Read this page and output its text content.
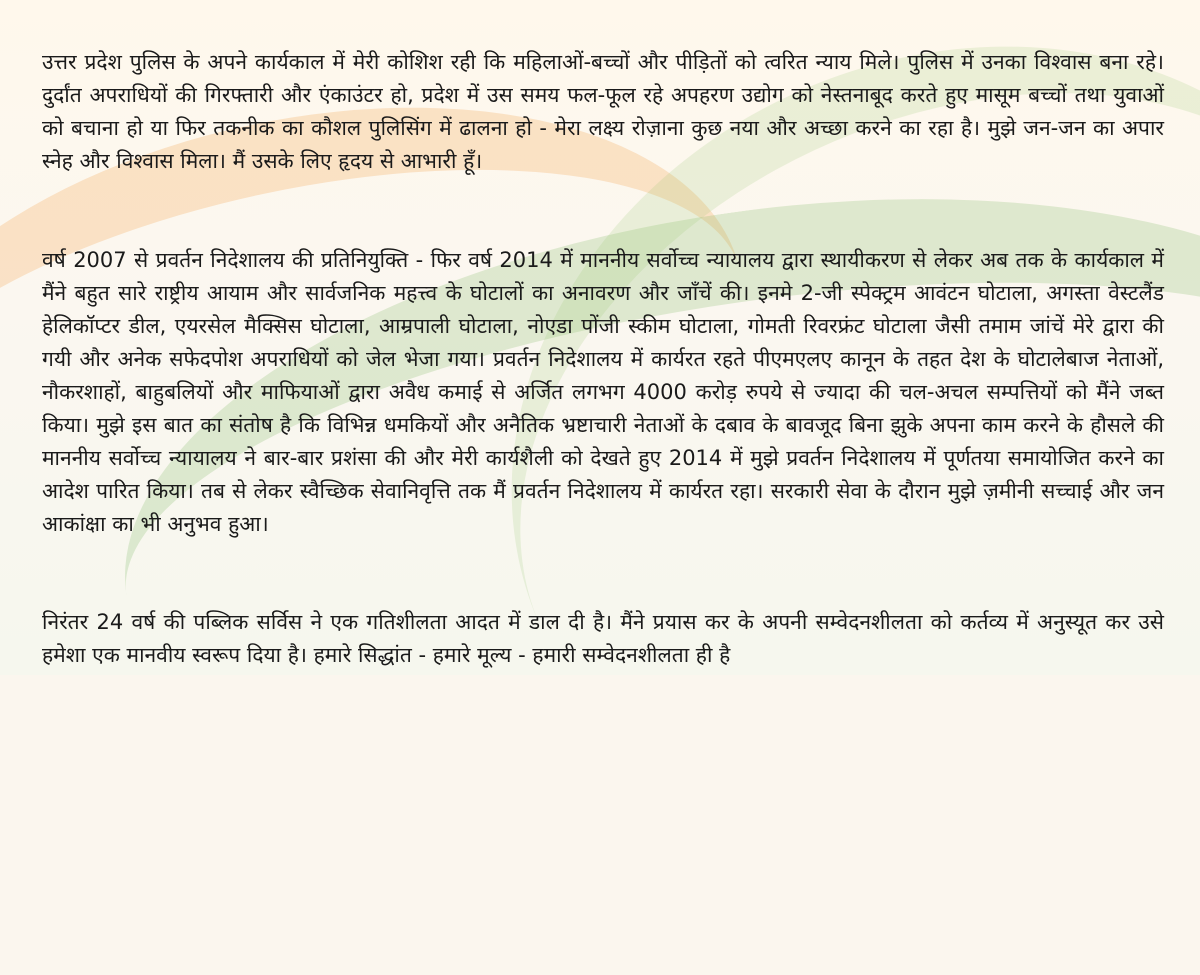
उत्तर प्रदेश पुलिस के अपने कार्यकाल में मेरी कोशिश रही कि महिलाओं-बच्चों और पीड़ितों को त्वरित न्याय मिले। पुलिस में उनका विश्वास बना रहे। दुर्दांत अपराधियों की गिरफ्तारी और एंकाउंटर हो, प्रदेश में उस समय फल-फूल रहे अपहरण उद्योग को नेस्तनाबूद करते हुए मासूम बच्चों तथा युवाओं को बचाना हो या फिर तकनीक का कौशल पुलिसिंग में ढालना हो - मेरा लक्ष्य रोज़ाना कुछ नया और अच्छा करने का रहा है। मुझे जन-जन का अपार स्नेह और विश्वास मिला। मैं उसके लिए हृदय से आभारी हूँ।

वर्ष 2007 से प्रवर्तन निदेशालय की प्रतिनियुक्ति - फिर वर्ष 2014 में माननीय सर्वोच्च न्यायालय द्वारा स्थायीकरण से लेकर अब तक के कार्यकाल में मैंने बहुत सारे राष्ट्रीय आयाम और सार्वजनिक महत्त्व के घोटालों का अनावरण और जाँचें की। इनमे 2-जी स्पेक्ट्रम आवंटन घोटाला, अगस्ता वेस्टलैंड हेलिकॉप्टर डील, एयरसेल मैक्सिस घोटाला, आम्रपाली घोटाला, नोएडा पोंजी स्कीम घोटाला, गोमती रिवरफ्रंट घोटाला जैसी तमाम जांचें मेरे द्वारा की गयी और अनेक सफेदपोश अपराधियों को जेल भेजा गया। प्रवर्तन निदेशालय में कार्यरत रहते पीएमएलए कानून के तहत देश के घोटालेबाज नेताओं, नौकरशाहों, बाहुबलियों और माफियाओं द्वारा अवैध कमाई से अर्जित लगभग 4000 करोड़ रुपये से ज्यादा की चल-अचल सम्पत्तियों को मैंने जब्त किया। मुझे इस बात का संतोष है कि विभिन्न धमकियों और अनैतिक भ्रष्टाचारी नेताओं के दबाव के बावजूद बिना झुके अपना काम करने के हौसले की माननीय सर्वोच्च न्यायालय ने बार-बार प्रशंसा की और मेरी कार्यशैली को देखते हुए 2014 में मुझे प्रवर्तन निदेशालय में पूर्णतया समायोजित करने का आदेश पारित किया। तब से लेकर स्वैच्छिक सेवानिवृत्ति तक मैं प्रवर्तन निदेशालय में कार्यरत रहा। सरकारी सेवा के दौरान मुझे ज़मीनी सच्चाई और जन आकांक्षा का भी अनुभव हुआ।

निरंतर 24 वर्ष की पब्लिक सर्विस ने एक गतिशीलता आदत में डाल दी है। मैंने प्रयास कर के अपनी सम्वेदनशीलता को कर्तव्य में अनुस्यूत कर उसे हमेशा एक मानवीय स्वरूप दिया है। हमारे सिद्धांत - हमारे मूल्य - हमारी सम्वेदनशीलता ही है
